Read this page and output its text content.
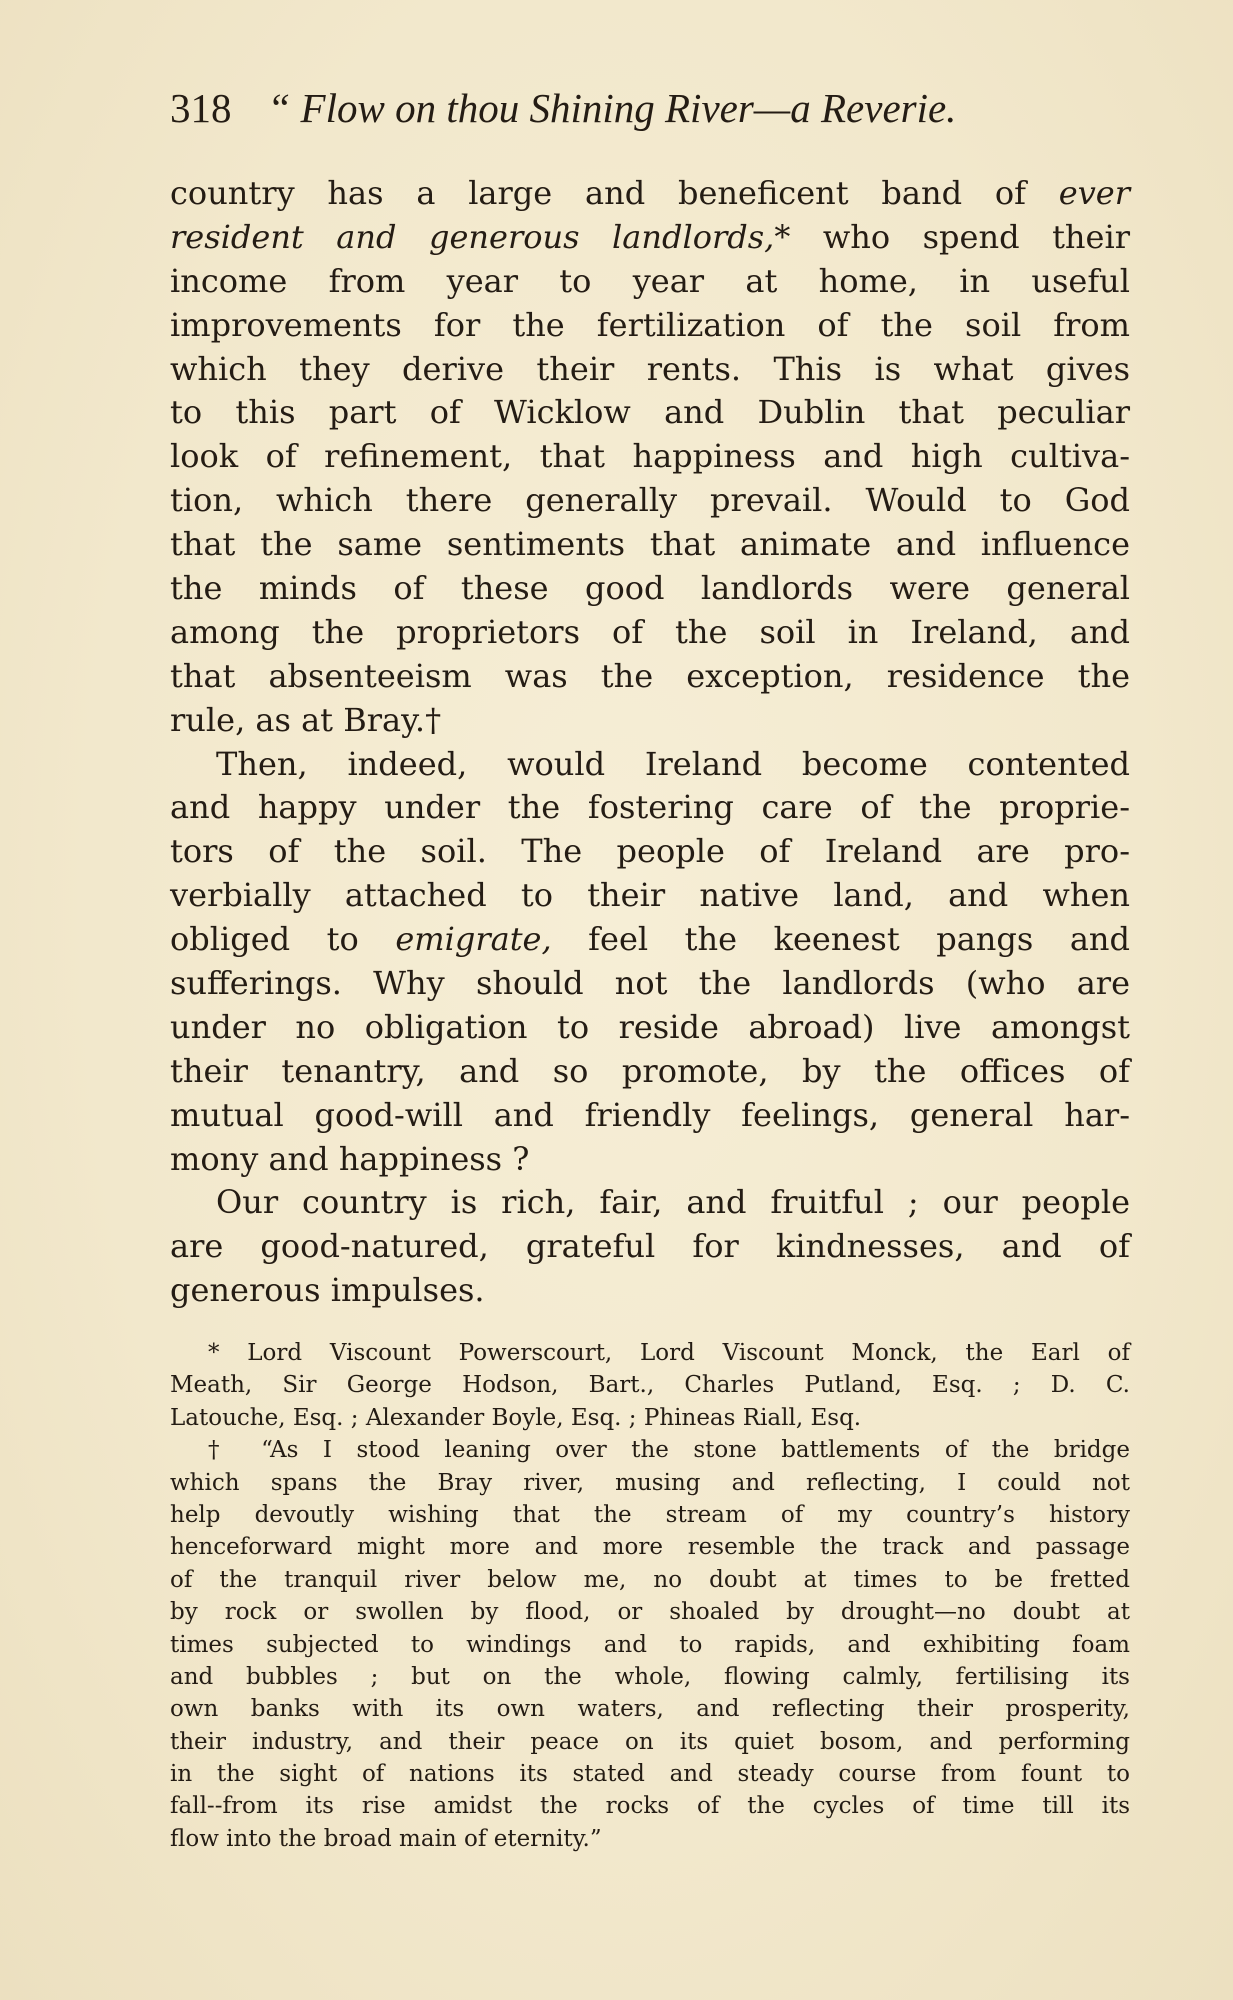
318 “ Flow on thou Shining River—a Reverie.
country has a large and beneficent band of ever
resident and generous landlords,* who spend their
income from year to year at home, in useful
improvements for the fertilization of the soil from
which they derive their rents. This is what gives
to this part of Wicklow and Dublin that peculiar
look of refinement, that happiness and high cultiva-
tion, which there generally prevail. Would to God
that the same sentiments that animate and influence
the minds of these good landlords were general
among the proprietors of the soil in Ireland, and
that absenteeism was the exception, residence the
rule, as at Bray.†
Then, indeed, would Ireland become contented
and happy under the fostering care of the proprie-
tors of the soil. The people of Ireland are pro-
verbially attached to their native land, and when
obliged to emigrate, feel the keenest pangs and
sufferings. Why should not the landlords (who are
under no obligation to reside abroad) live amongst
their tenantry, and so promote, by the offices of
mutual good-will and friendly feelings, general har-
mony and happiness ?
Our country is rich, fair, and fruitful ; our people
are good-natured, grateful for kindnesses, and of
generous impulses.
* Lord Viscount Powerscourt, Lord Viscount Monck, the Earl of
Meath, Sir George Hodson, Bart., Charles Putland, Esq. ; D. C.
Latouche, Esq. ; Alexander Boyle, Esq. ; Phineas Riall, Esq.
† “As I stood leaning over the stone battlements of the bridge
which spans the Bray river, musing and reflecting, I could not
help devoutly wishing that the stream of my country’s history
henceforward might more and more resemble the track and passage
of the tranquil river below me, no doubt at times to be fretted
by rock or swollen by flood, or shoaled by drought—no doubt at
times subjected to windings and to rapids, and exhibiting foam
and bubbles ; but on the whole, flowing calmly, fertilising its
own banks with its own waters, and reflecting their prosperity,
their industry, and their peace on its quiet bosom, and performing
in the sight of nations its stated and steady course from fount to
fall--from its rise amidst the rocks of the cycles of time till its
flow into the broad main of eternity.”
